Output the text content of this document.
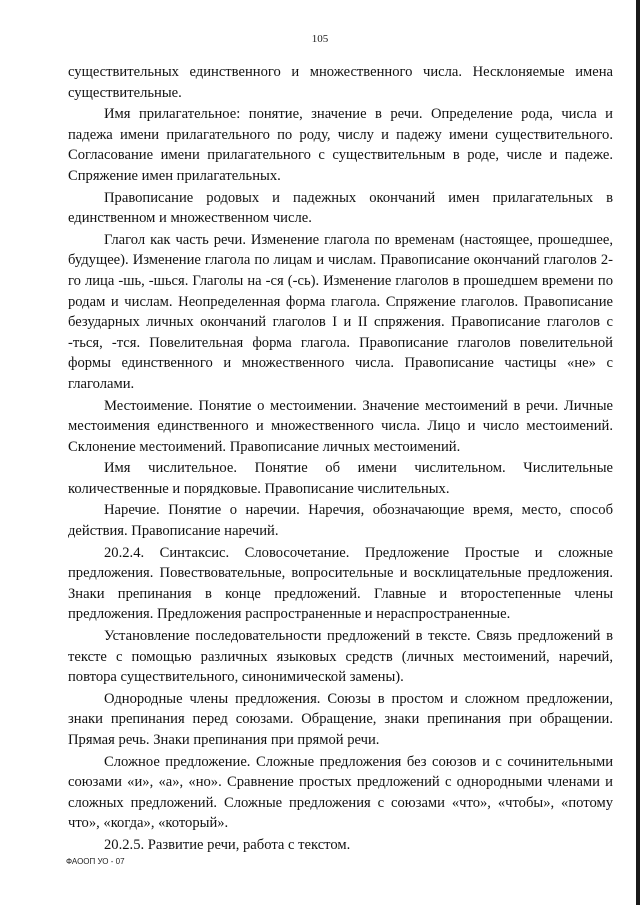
105

существительных единственного и множественного числа. Несклоняемые имена существительные.

Имя прилагательное: понятие, значение в речи. Определение рода, числа и падежа имени прилагательного по роду, числу и падежу имени существительного. Согласование имени прилагательного с существительным в роде, числе и падеже. Спряжение имен прилагательных.

Правописание родовых и падежных окончаний имен прилагательных в единственном и множественном числе.

Глагол как часть речи. Изменение глагола по временам (настоящее, прошедшее, будущее). Изменение глагола по лицам и числам. Правописание окончаний глаголов 2-го лица -шь, -шься. Глаголы на -ся (-сь). Изменение глаголов в прошедшем времени по родам и числам. Неопределенная форма глагола. Спряжение глаголов. Правописание безударных личных окончаний глаголов I и II спряжения. Правописание глаголов с -ться, -тся. Повелительная форма глагола. Правописание глаголов повелительной формы единственного и множественного числа. Правописание частицы «не» с глаголами.

Местоимение. Понятие о местоимении. Значение местоимений в речи. Личные местоимения единственного и множественного числа. Лицо и число местоимений. Склонение местоимений. Правописание личных местоимений.

Имя числительное. Понятие об имени числительном. Числительные количественные и порядковые. Правописание числительных.

Наречие. Понятие о наречии. Наречия, обозначающие время, место, способ действия. Правописание наречий.

20.2.4. Синтаксис. Словосочетание. Предложение Простые и сложные предложения. Повествовательные, вопросительные и восклицательные предложения. Знаки препинания в конце предложений. Главные и второстепенные члены предложения. Предложения распространенные и нераспространенные.

Установление последовательности предложений в тексте. Связь предложений в тексте с помощью различных языковых средств (личных местоимений, наречий, повтора существительного, синонимической замены).

Однородные члены предложения. Союзы в простом и сложном предложении, знаки препинания перед союзами. Обращение, знаки препинания при обращении. Прямая речь. Знаки препинания при прямой речи.

Сложное предложение. Сложные предложения без союзов и с сочинительными союзами «и», «а», «но». Сравнение простых предложений с однородными членами и сложных предложений. Сложные предложения с союзами «что», «чтобы», «потому что», «когда», «который».

20.2.5. Развитие речи, работа с текстом.

ФАООП УО - 07
